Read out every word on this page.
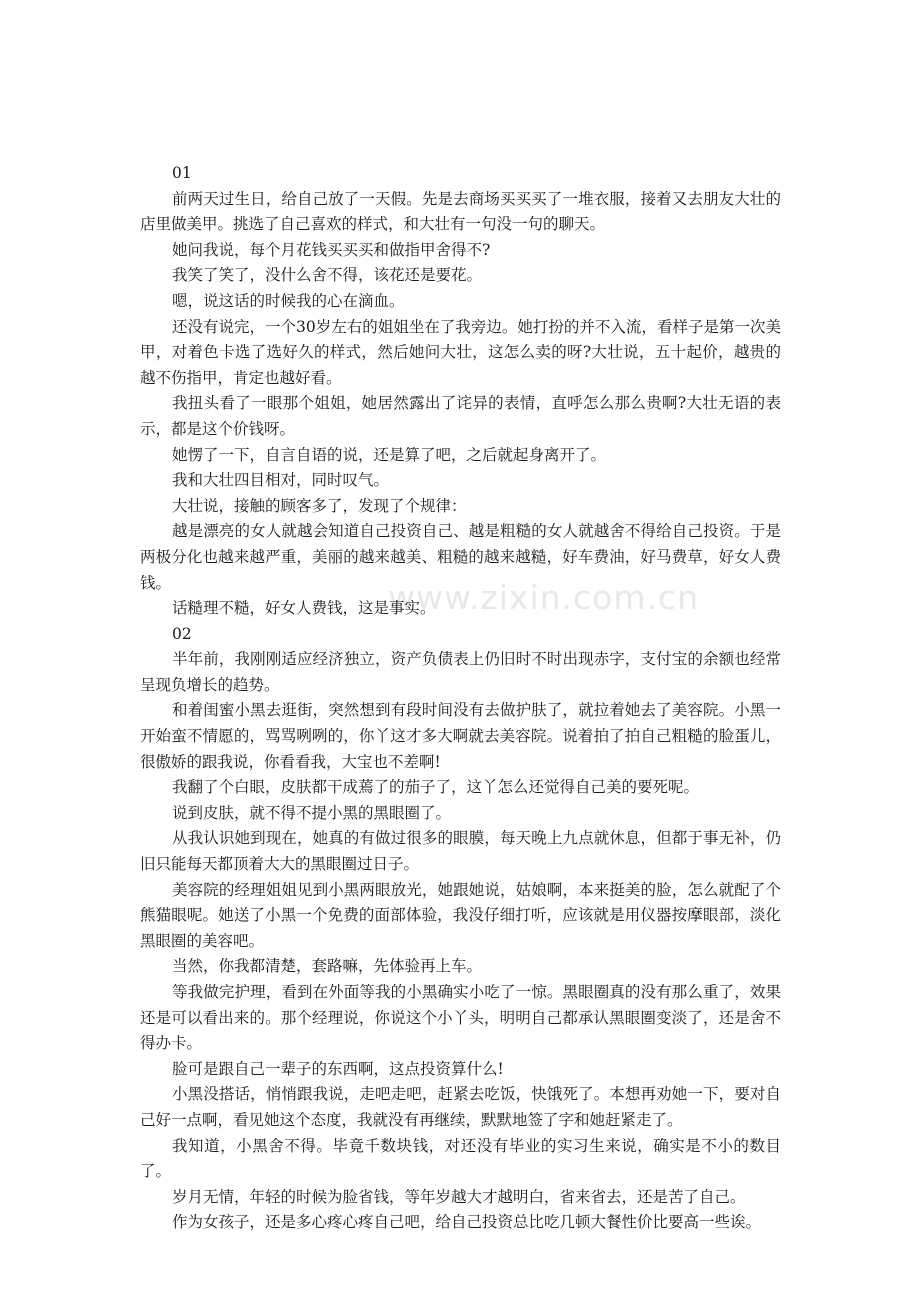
www.zixin.com.cn

01

前两天过生日，给自己放了一天假。先是去商场买买买了一堆衣服，接着又去朋友大壮的店里做美甲。挑选了自己喜欢的样式，和大壮有一句没一句的聊天。

她问我说，每个月花钱买买买和做指甲舍得不?

我笑了笑了，没什么舍不得，该花还是要花。

嗯，说这话的时候我的心在滴血。

还没有说完，一个30岁左右的姐姐坐在了我旁边。她打扮的并不入流，看样子是第一次美甲，对着色卡选了选好久的样式，然后她问大壮，这怎么卖的呀?大壮说，五十起价，越贵的越不伤指甲，肯定也越好看。

我扭头看了一眼那个姐姐，她居然露出了诧异的表情，直呼怎么那么贵啊?大壮无语的表示，都是这个价钱呀。

她愣了一下，自言自语的说，还是算了吧，之后就起身离开了。

我和大壮四目相对，同时叹气。

大壮说，接触的顾客多了，发现了个规律：

越是漂亮的女人就越会知道自己投资自己、越是粗糙的女人就越舍不得给自己投资。于是两极分化也越来越严重，美丽的越来越美、粗糙的越来越糙，好车费油，好马费草，好女人费钱。

话糙理不糙，好女人费钱，这是事实。

02

半年前，我刚刚适应经济独立，资产负债表上仍旧时不时出现赤字，支付宝的余额也经常呈现负增长的趋势。

和着闺蜜小黑去逛街，突然想到有段时间没有去做护肤了，就拉着她去了美容院。小黑一开始蛮不情愿的，骂骂咧咧的，你丫这才多大啊就去美容院。说着拍了拍自己粗糙的脸蛋儿，很傲娇的跟我说，你看看我，大宝也不差啊!

我翻了个白眼，皮肤都干成蔫了的茄子了，这丫怎么还觉得自己美的要死呢。

说到皮肤，就不得不提小黑的黑眼圈了。

从我认识她到现在，她真的有做过很多的眼膜，每天晚上九点就休息，但都于事无补，仍旧只能每天都顶着大大的黑眼圈过日子。

美容院的经理姐姐见到小黑两眼放光，她跟她说，姑娘啊，本来挺美的脸，怎么就配了个熊猫眼呢。她送了小黑一个免费的面部体验，我没仔细打听，应该就是用仪器按摩眼部，淡化黑眼圈的美容吧。

当然，你我都清楚，套路嘛，先体验再上车。

等我做完护理，看到在外面等我的小黑确实小吃了一惊。黑眼圈真的没有那么重了，效果还是可以看出来的。那个经理说，你说这个小丫头，明明自己都承认黑眼圈变淡了，还是舍不得办卡。

脸可是跟自己一辈子的东西啊，这点投资算什么!

小黑没搭话，悄悄跟我说，走吧走吧，赶紧去吃饭，快饿死了。本想再劝她一下，要对自己好一点啊，看见她这个态度，我就没有再继续，默默地签了字和她赶紧走了。

我知道，小黑舍不得。毕竟千数块钱，对还没有毕业的实习生来说，确实是不小的数目了。

岁月无情，年轻的时候为脸省钱，等年岁越大才越明白，省来省去，还是苦了自己。

作为女孩子，还是多心疼心疼自己吧，给自己投资总比吃几顿大餐性价比要高一些诶。
